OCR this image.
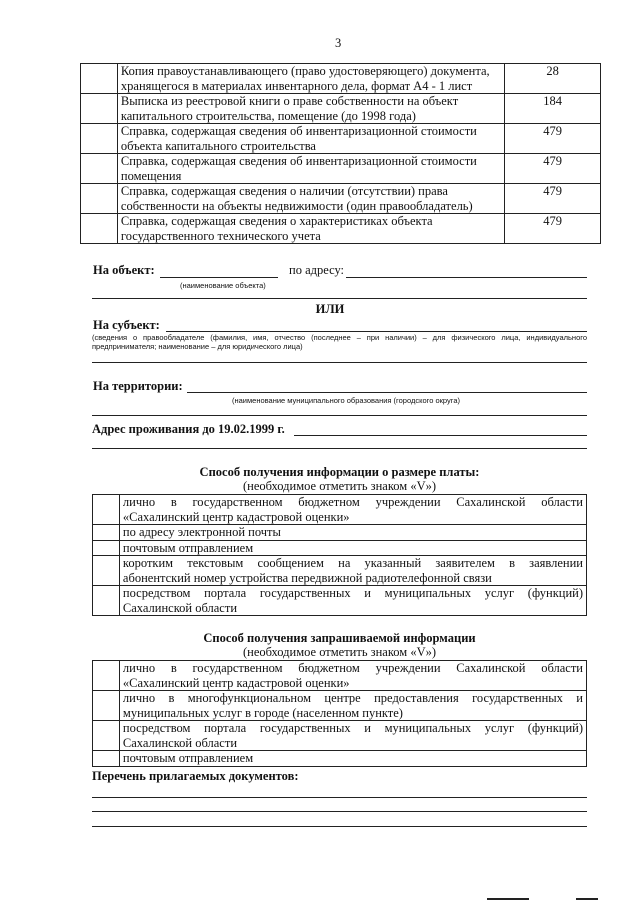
3
	Копия правоустанавливающего (право удостоверяющего) документа, хранящегося в материалах инвентарного дела, формат А4 - 1 лист	28
	Выписка из реестровой книги о праве собственности на объект капитального строительства, помещение (до 1998 года)	184
	Справка, содержащая сведения об инвентаризационной стоимости объекта капитального строительства	479
	Справка, содержащая сведения об инвентаризационной стоимости помещения	479
	Справка, содержащая сведения о наличии (отсутствии) права собственности на объекты недвижимости (один правообладатель)	479
	Справка, содержащая сведения о характеристиках объекта государственного технического учета	479
На объект:	по адресу:
(наименование объекта)
ИЛИ
На субъект:
(сведения о правообладателе (фамилия, имя, отчество (последнее – при наличии) – для физического лица, индивидуального предпринимателя; наименование – для юридического лица)
На территории:
(наименование муниципального образования (городского округа)
Адрес проживания до 19.02.1999 г.
Способ получения информации о размере платы:
(необходимое отметить знаком «V»)

	лично в государственном бюджетном учреждении Сахалинской области
«Сахалинский центр кадастровой оценки»

	по адресу электронной почты

	почтовым отправлением

	коротким текстовым сообщением на указанный заявителем в заявлении
абонентский номер устройства передвижной радиотелефонной связи

	посредством портала государственных и муниципальных услуг (функций)
Сахалинской области
Способ получения запрашиваемой информации
(необходимое отметить знаком «V»)

	лично в государственном бюджетном учреждении Сахалинской области
«Сахалинский центр кадастровой оценки»

	лично в многофункциональном центре предоставления государственных и
муниципальных услуг в городе (населенном пункте)

	посредством портала государственных и муниципальных услуг (функций)
Сахалинской области

	почтовым отправлением
Перечень прилагаемых документов:
